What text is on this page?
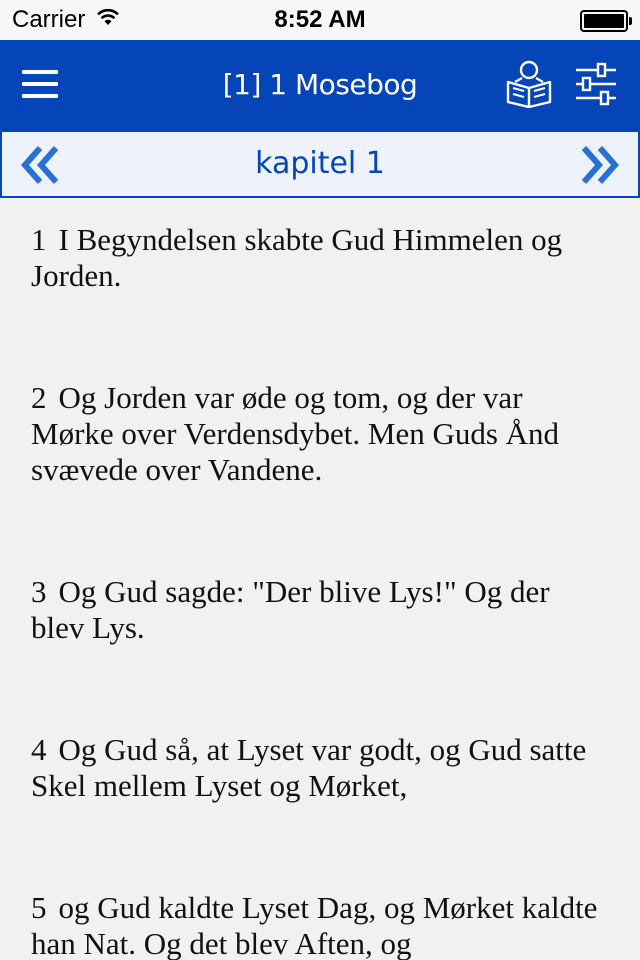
Carrier	8:52 AM
[1] 1 Mosebog
kapitel 1

1 I Begyndelsen skabte Gud Himmelen og Jorden.

2 Og Jorden var øde og tom, og der var Mørke over Verdensdybet. Men Guds Ånd svævede over Vandene.

3 Og Gud sagde: "Der blive Lys!" Og der blev Lys.

4 Og Gud så, at Lyset var godt, og Gud satte Skel mellem Lyset og Mørket,

5 og Gud kaldte Lyset Dag, og Mørket kaldte han Nat. Og det blev Aften, og
